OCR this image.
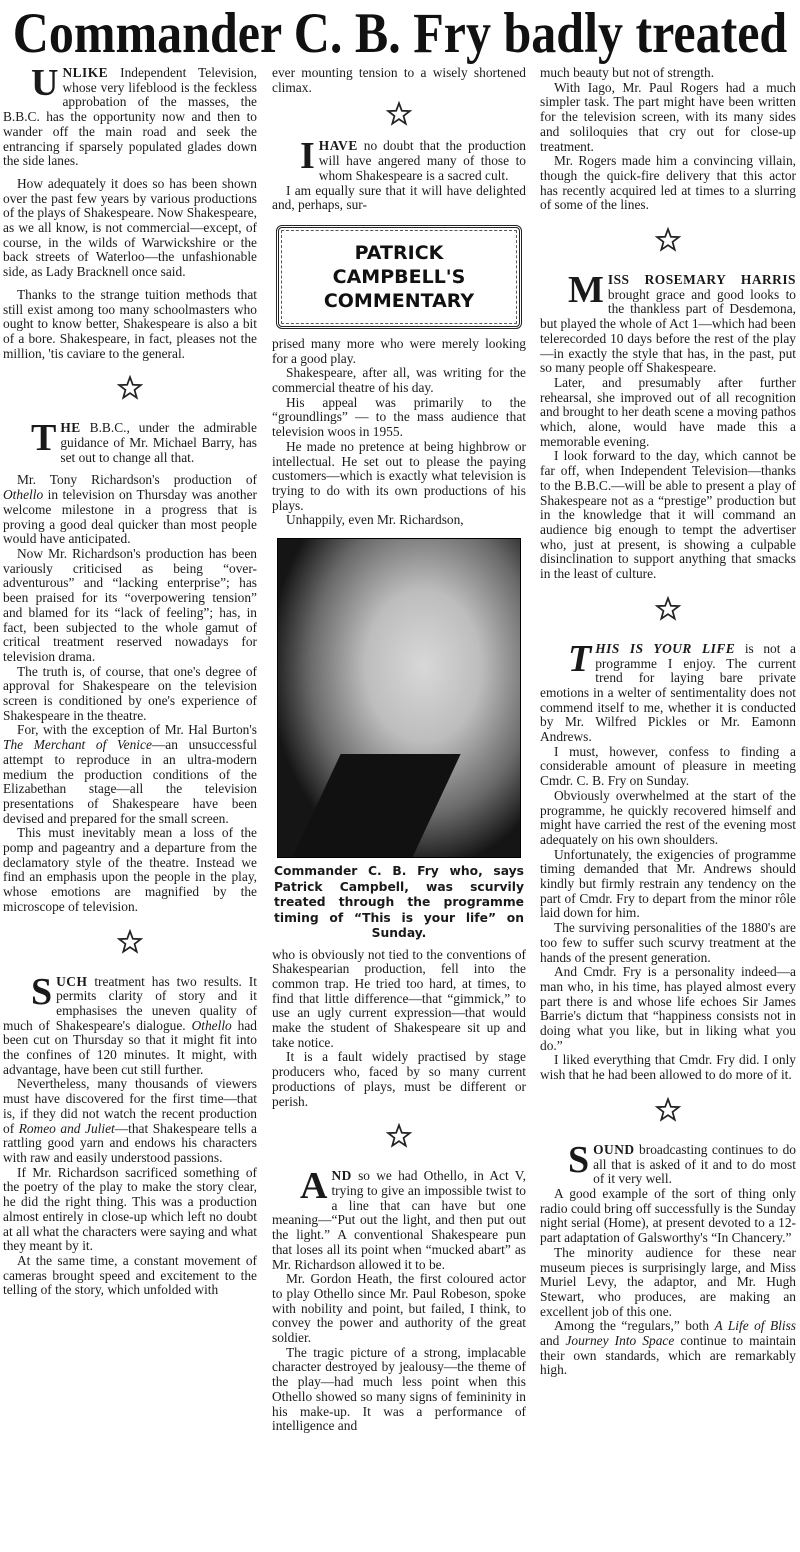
Commander C. B. Fry badly treated

UNLIKE Independent Television, whose very lifeblood is the feckless approbation of the masses, the B.B.C. has the opportunity now and then to wander off the main road and seek the entrancing if sparsely populated glades down the side lanes.

How adequately it does so has been shown over the past few years by various productions of the plays of Shakespeare. Now Shakespeare, as we all know, is not commercial—except, of course, in the wilds of Warwickshire or the back streets of Waterloo—the unfashionable side, as Lady Bracknell once said.

Thanks to the strange tuition methods that still exist among too many schoolmasters who ought to know better, Shakespeare is also a bit of a bore. Shakespeare, in fact, pleases not the million, 'tis caviare to the general.

THE B.B.C., under the admirable guidance of Mr. Michael Barry, has set out to change all that.

Mr. Tony Richardson's production of Othello in television on Thursday was another welcome milestone in a progress that is proving a good deal quicker than most people would have anticipated.

Now Mr. Richardson's production has been variously criticised as being “over-adventurous” and “lacking enterprise”; has been praised for its “overpowering tension” and blamed for its “lack of feeling”; has, in fact, been subjected to the whole gamut of critical treatment reserved nowadays for television drama.

The truth is, of course, that one's degree of approval for Shakespeare on the television screen is conditioned by one's experience of Shakespeare in the theatre.

For, with the exception of Mr. Hal Burton's The Merchant of Venice—an unsuccessful attempt to reproduce in an ultra-modern medium the production conditions of the Elizabethan stage—all the television presentations of Shakespeare have been devised and prepared for the small screen.

This must inevitably mean a loss of the pomp and pageantry and a departure from the declamatory style of the theatre. Instead we find an emphasis upon the people in the play, whose emotions are magnified by the microscope of television.

SUCH treatment has two results. It permits clarity of story and it emphasises the uneven quality of much of Shakespeare's dialogue. Othello had been cut on Thursday so that it might fit into the confines of 120 minutes. It might, with advantage, have been cut still further.

Nevertheless, many thousands of viewers must have discovered for the first time—that is, if they did not watch the recent production of Romeo and Juliet—that Shakespeare tells a rattling good yarn and endows his characters with raw and easily understood passions.

If Mr. Richardson sacrificed something of the poetry of the play to make the story clear, he did the right thing. This was a production almost entirely in close-up which left no doubt at all what the characters were saying and what they meant by it.

At the same time, a constant movement of cameras brought speed and excitement to the telling of the story, which unfolded with

ever mounting tension to a wisely shortened climax.

IHAVE no doubt that the production will have angered many of those to whom Shakespeare is a sacred cult.

I am equally sure that it will have delighted and, perhaps, sur-

PATRICK
CAMPBELL'S
COMMENTARY

prised many more who were merely looking for a good play.

Shakespeare, after all, was writing for the commercial theatre of his day.

His appeal was primarily to the “groundlings” — to the mass audience that television woos in 1955.

He made no pretence at being highbrow or intellectual. He set out to please the paying customers—which is exactly what television is trying to do with its own productions of his plays.

Unhappily, even Mr. Richardson,

Commander C. B. Fry who, says Patrick Campbell, was scurvily treated through the programme timing of “This is your life” on Sunday.

who is obviously not tied to the conventions of Shakespearian production, fell into the common trap. He tried too hard, at times, to find that little difference—that “gimmick,” to use an ugly current expression—that would make the student of Shakespeare sit up and take notice.

It is a fault widely practised by stage producers who, faced by so many current productions of plays, must be different or perish.

AND so we had Othello, in Act V, trying to give an impossible twist to a line that can have but one meaning—“Put out the light, and then put out the light.” A conventional Shakespeare pun that loses all its point when “mucked abart” as Mr. Richardson allowed it to be.

Mr. Gordon Heath, the first coloured actor to play Othello since Mr. Paul Robeson, spoke with nobility and point, but failed, I think, to convey the power and authority of the great soldier.

The tragic picture of a strong, implacable character destroyed by jealousy—the theme of the play—had much less point when this Othello showed so many signs of femininity in his make-up. It was a performance of intelligence and

much beauty but not of strength.

With Iago, Mr. Paul Rogers had a much simpler task. The part might have been written for the television screen, with its many sides and soliloquies that cry out for close-up treatment.

Mr. Rogers made him a convincing villain, though the quick-fire delivery that this actor has recently acquired led at times to a slurring of some of the lines.

MISS ROSEMARY HARRIS brought grace and good looks to the thankless part of Desdemona, but played the whole of Act 1—which had been telerecorded 10 days before the rest of the play—in exactly the style that has, in the past, put so many people off Shakespeare.

Later, and presumably after further rehearsal, she improved out of all recognition and brought to her death scene a moving pathos which, alone, would have made this a memorable evening.

I look forward to the day, which cannot be far off, when Independent Television—thanks to the B.B.C.—will be able to present a play of Shakespeare not as a “prestige” production but in the knowledge that it will command an audience big enough to tempt the advertiser who, just at present, is showing a culpable disinclination to support anything that smacks in the least of culture.

THIS IS YOUR LIFE is not a programme I enjoy. The current trend for laying bare private emotions in a welter of sentimentality does not commend itself to me, whether it is conducted by Mr. Wilfred Pickles or Mr. Eamonn Andrews.

I must, however, confess to finding a considerable amount of pleasure in meeting Cmdr. C. B. Fry on Sunday.

Obviously overwhelmed at the start of the programme, he quickly recovered himself and might have carried the rest of the evening most adequately on his own shoulders.

Unfortunately, the exigencies of programme timing demanded that Mr. Andrews should kindly but firmly restrain any tendency on the part of Cmdr. Fry to depart from the minor rôle laid down for him.

The surviving personalities of the 1880's are too few to suffer such scurvy treatment at the hands of the present generation.

And Cmdr. Fry is a personality indeed—a man who, in his time, has played almost every part there is and whose life echoes Sir James Barrie's dictum that “happiness consists not in doing what you like, but in liking what you do.”

I liked everything that Cmdr. Fry did. I only wish that he had been allowed to do more of it.

SOUND broadcasting continues to do all that is asked of it and to do most of it very well.

A good example of the sort of thing only radio could bring off successfully is the Sunday night serial (Home), at present devoted to a 12-part adaptation of Galsworthy's “In Chancery.”

The minority audience for these near museum pieces is surprisingly large, and Miss Muriel Levy, the adaptor, and Mr. Hugh Stewart, who produces, are making an excellent job of this one.

Among the “regulars,” both A Life of Bliss and Journey Into Space continue to maintain their own standards, which are remarkably high.
